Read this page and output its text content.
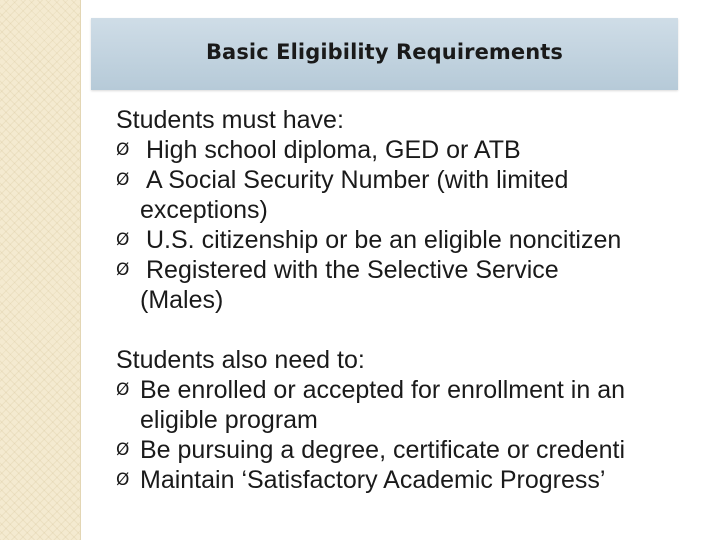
Basic Eligibility Requirements

Students must have:

Ø High school diploma, GED or ATB
Ø A Social Security Number (with limited
exceptions)
Ø U.S. citizenship or be an eligible noncitizen
Ø Registered with the Selective Service
(Males)

Students also need to:

Ø Be enrolled or accepted for enrollment in an
eligible program
Ø Be pursuing a degree, certificate or credenti
Ø Maintain ‘Satisfactory Academic Progress’
